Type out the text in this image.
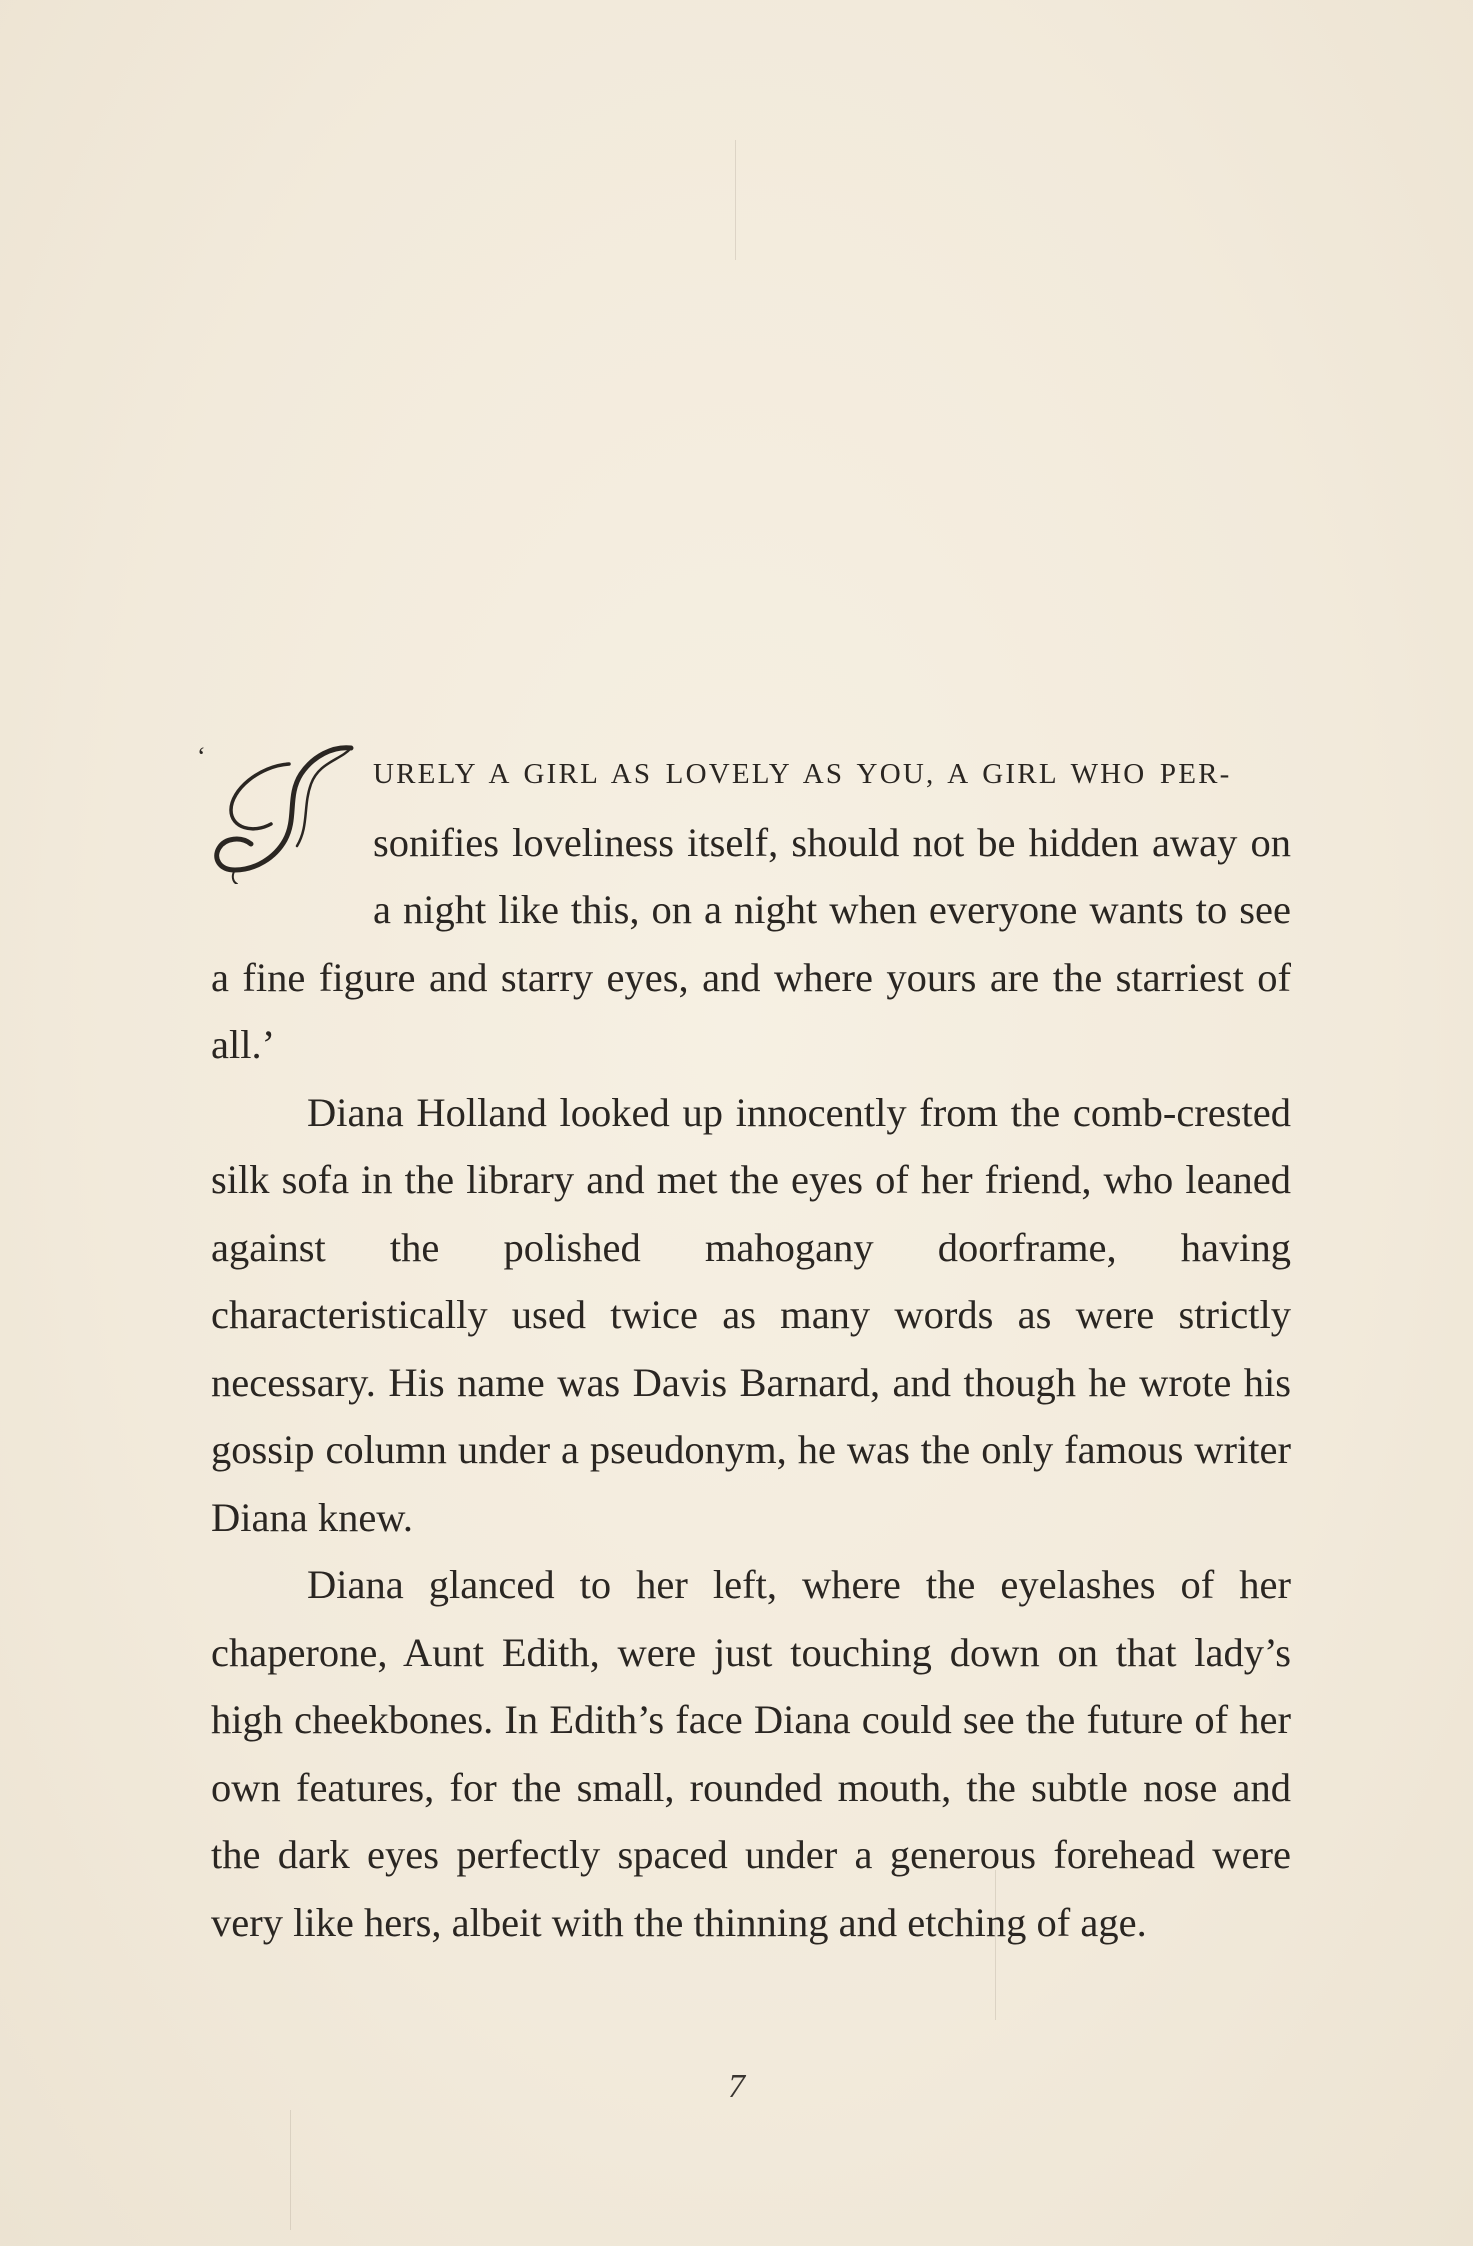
‘
URELY A GIRL AS LOVELY AS YOU, A GIRL WHO PER-
sonifies loveliness itself, should not be hidden away on a night like this, on a night when everyone wants to see a fine figure and starry eyes, and where yours are the starriest of all.’

Diana Holland looked up innocently from the comb-crested silk sofa in the library and met the eyes of her friend, who leaned against the polished mahogany doorframe, having characteristically used twice as many words as were strictly necessary. His name was Davis Barnard, and though he wrote his gossip column under a pseudonym, he was the only famous writer Diana knew.

Diana glanced to her left, where the eyelashes of her chaperone, Aunt Edith, were just touching down on that lady’s high cheekbones. In Edith’s face Diana could see the future of her own features, for the small, rounded mouth, the subtle nose and the dark eyes perfectly spaced under a generous forehead were very like hers, albeit with the thinning and etching of age.

7
